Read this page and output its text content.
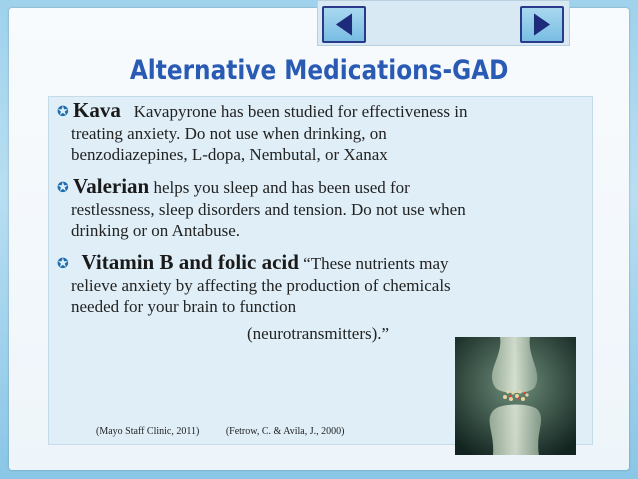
Alternative Medications-GAD

✪ Kava Kavapyrone has been studied for effectiveness in

treating anxiety. Do not use when drinking, on

benzodiazepines, L-dopa, Nembutal, or Xanax

✪ Valerian helps you sleep and has been used for

restlessness, sleep disorders and tension. Do not use when

drinking or on Antabuse.

✪ Vitamin B and folic acid “These nutrients may

relieve anxiety by affecting the production of chemicals

needed for your brain to function

(neurotransmitters).”

(Mayo Staff Clinic, 2011)	(Fetrow, C. & Avila, J., 2000)
